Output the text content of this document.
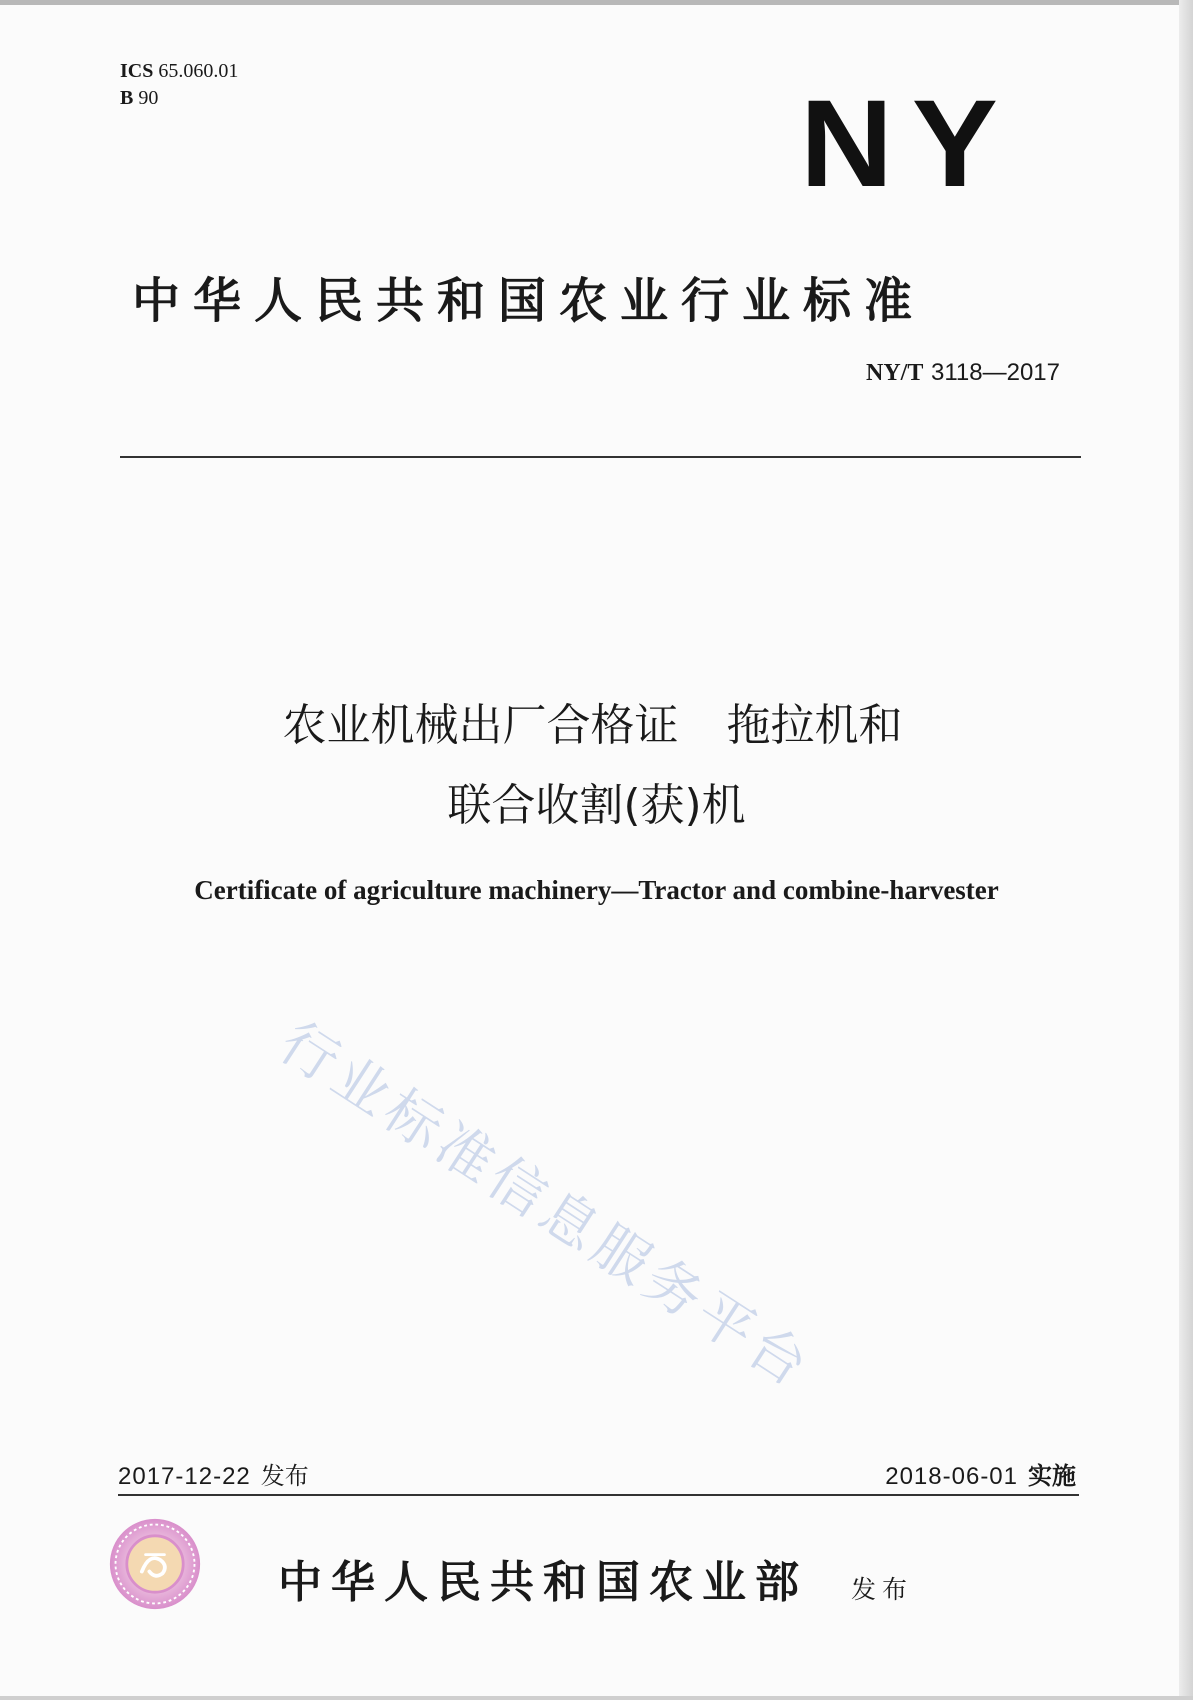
ICS 65.060.01
B 90	NY
中华人民共和国农业行业标准
NY/T 3118—2017
农业机械出厂合格证 拖拉机和
联合收割(获)机
Certificate of agriculture machinery—Tractor and combine-harvester
行业标准信息服务平台
2017-12-22 发布	2018-06-01 实施
中华人民共和国农业部 发布
